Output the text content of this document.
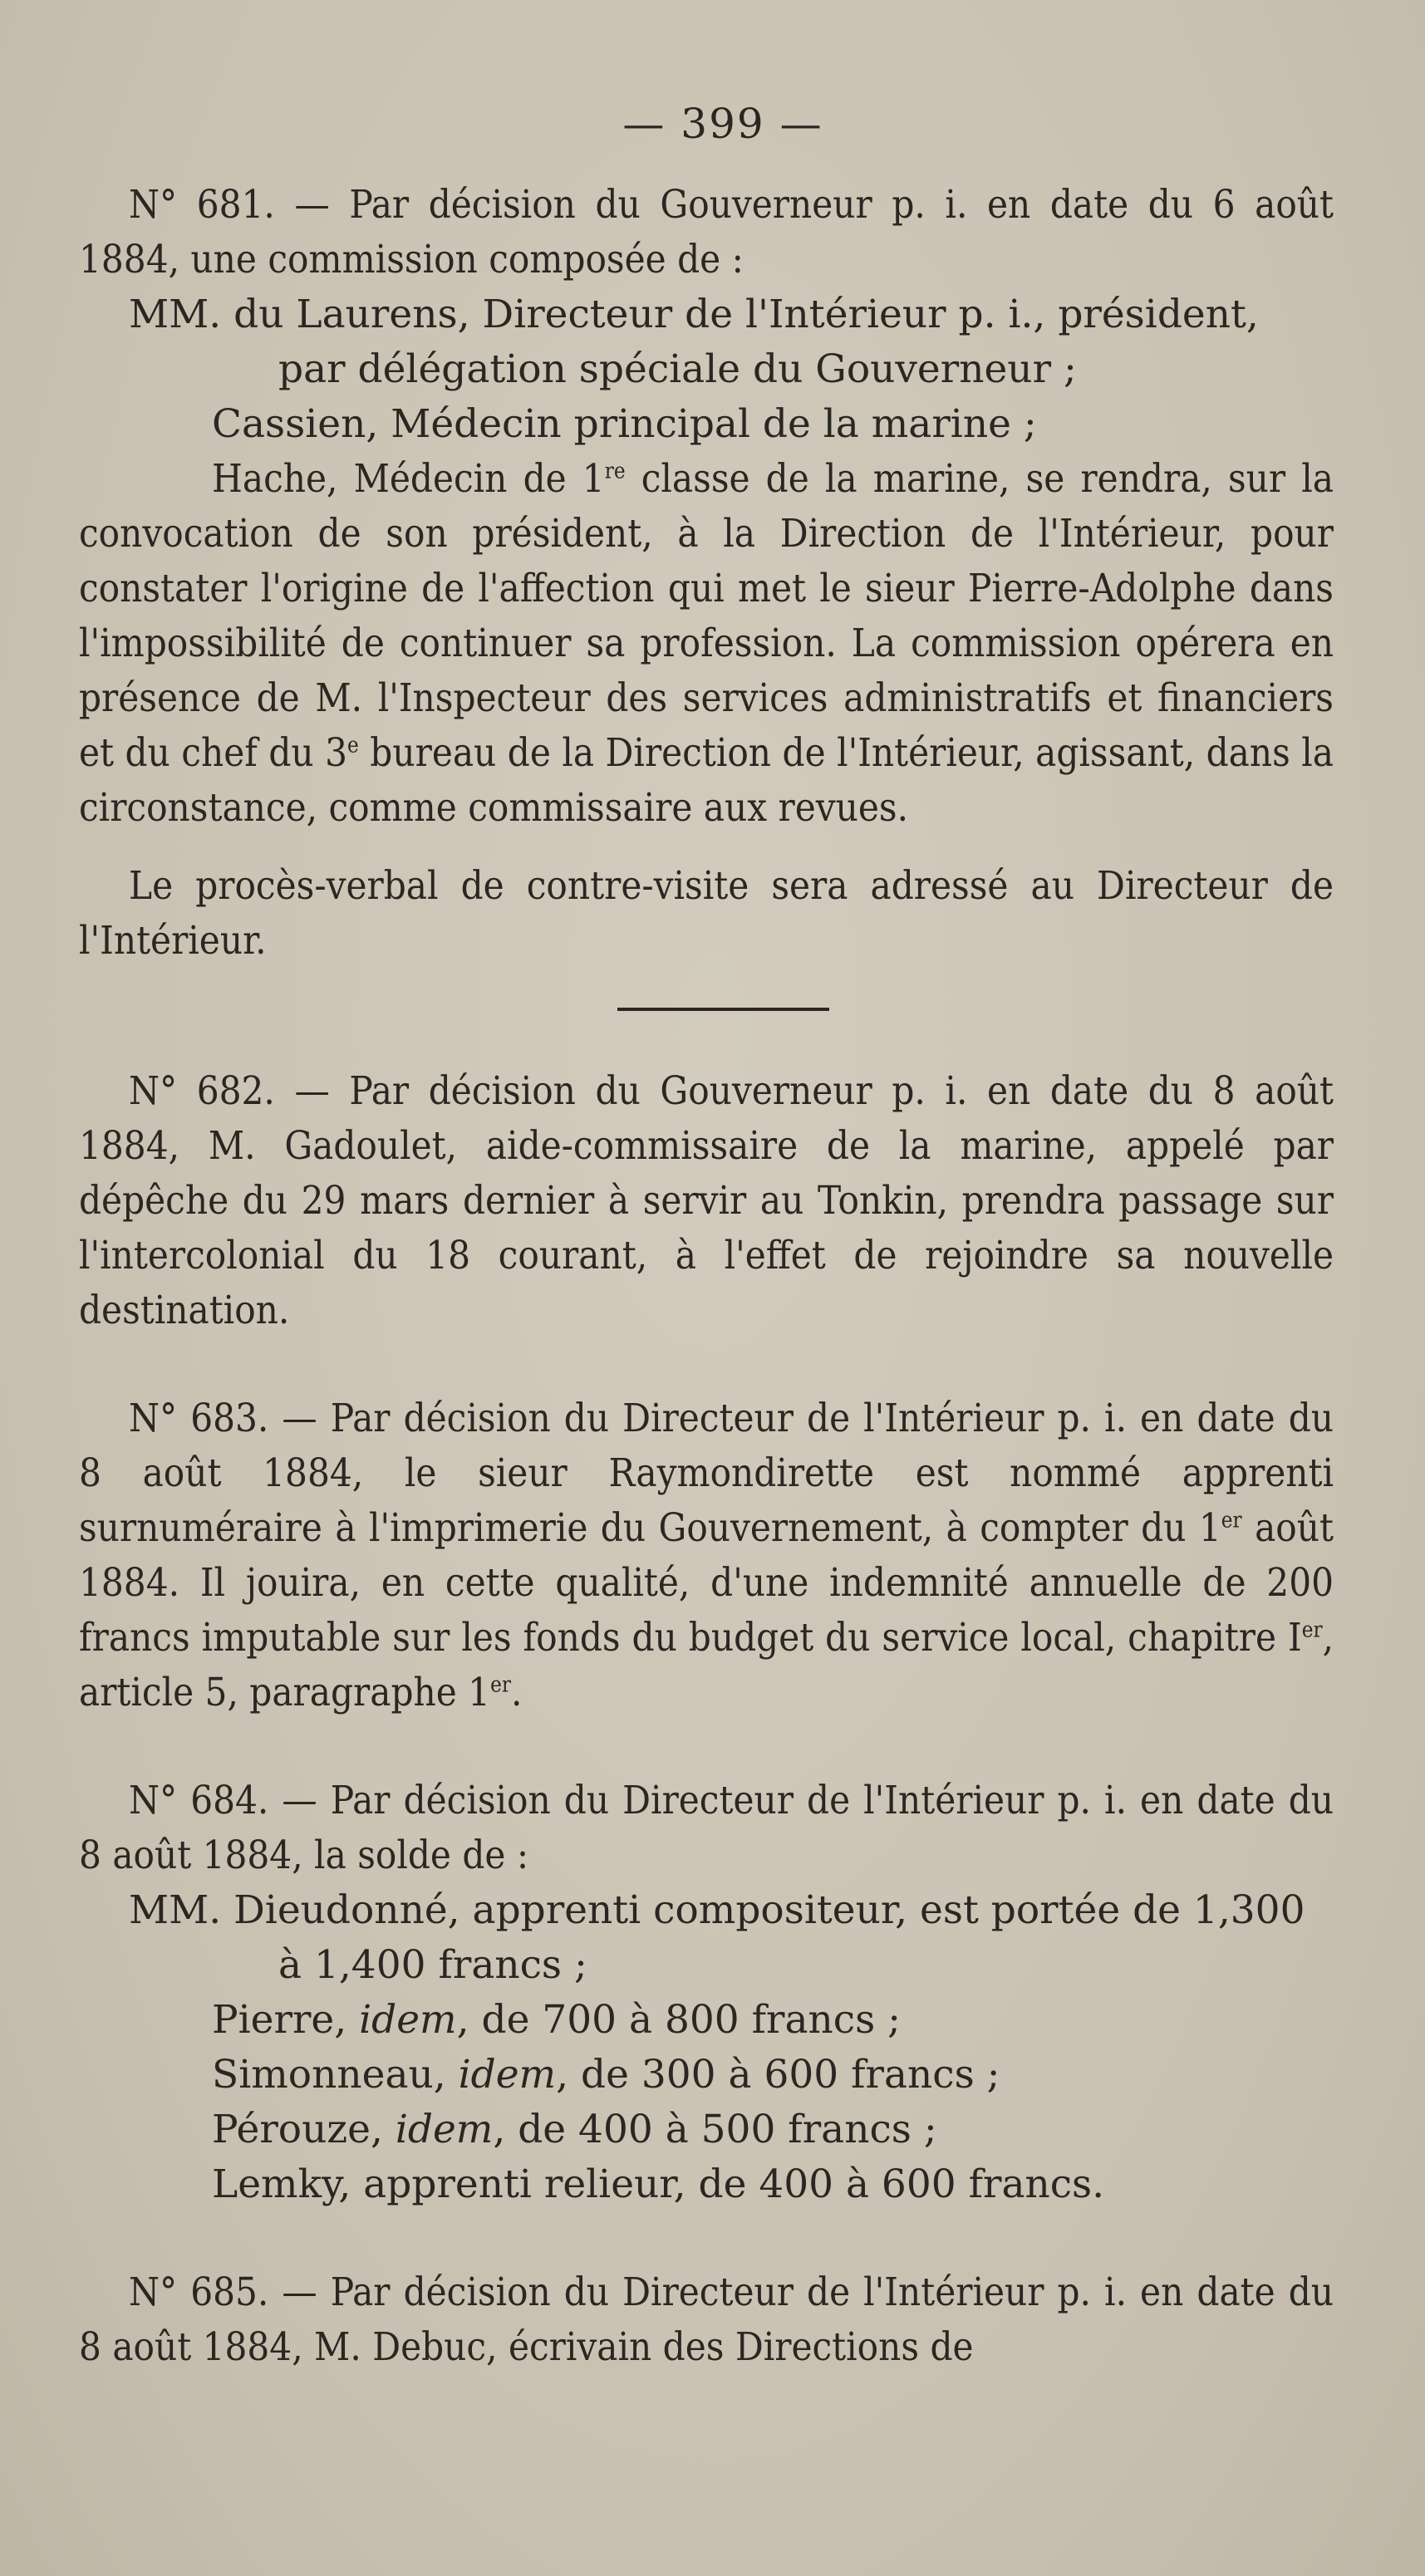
— 399 —

N° 681. — Par décision du Gouverneur p. i. en date du 6 août 1884, une commission composée de :

MM. du Laurens, Directeur de l'Intérieur p. i., président,
par délégation spéciale du Gouverneur ;
Cassien, Médecin principal de la marine ;

Hache, Médecin de 1re classe de la marine, se rendra, sur la convocation de son président, à la Direction de l'Intérieur, pour constater l'origine de l'affection qui met le sieur Pierre-Adolphe dans l'impossibilité de continuer sa profession. La commission opérera en présence de M. l'Inspecteur des services administratifs et financiers et du chef du 3e bureau de la Direction de l'Intérieur, agissant, dans la circonstance, comme commissaire aux revues.

Le procès-verbal de contre-visite sera adressé au Directeur de l'Intérieur.

N° 682. — Par décision du Gouverneur p. i. en date du 8 août 1884, M. Gadoulet, aide-commissaire de la marine, appelé par dépêche du 29 mars dernier à servir au Tonkin, prendra passage sur l'intercolonial du 18 courant, à l'effet de rejoindre sa nouvelle destination.

N° 683. — Par décision du Directeur de l'Intérieur p. i. en date du 8 août 1884, le sieur Raymondirette est nommé apprenti surnuméraire à l'imprimerie du Gouvernement, à compter du 1er août 1884. Il jouira, en cette qualité, d'une indemnité annuelle de 200 francs imputable sur les fonds du budget du service local, chapitre Ier, article 5, paragraphe 1er.

N° 684. — Par décision du Directeur de l'Intérieur p. i. en date du 8 août 1884, la solde de :

MM. Dieudonné, apprenti compositeur, est portée de 1,300
à 1,400 francs ;
Pierre, idem, de 700 à 800 francs ;
Simonneau, idem, de 300 à 600 francs ;
Pérouze, idem, de 400 à 500 francs ;
Lemky, apprenti relieur, de 400 à 600 francs.

N° 685. — Par décision du Directeur de l'Intérieur p. i. en date du 8 août 1884, M. Debuc, écrivain des Directions de
